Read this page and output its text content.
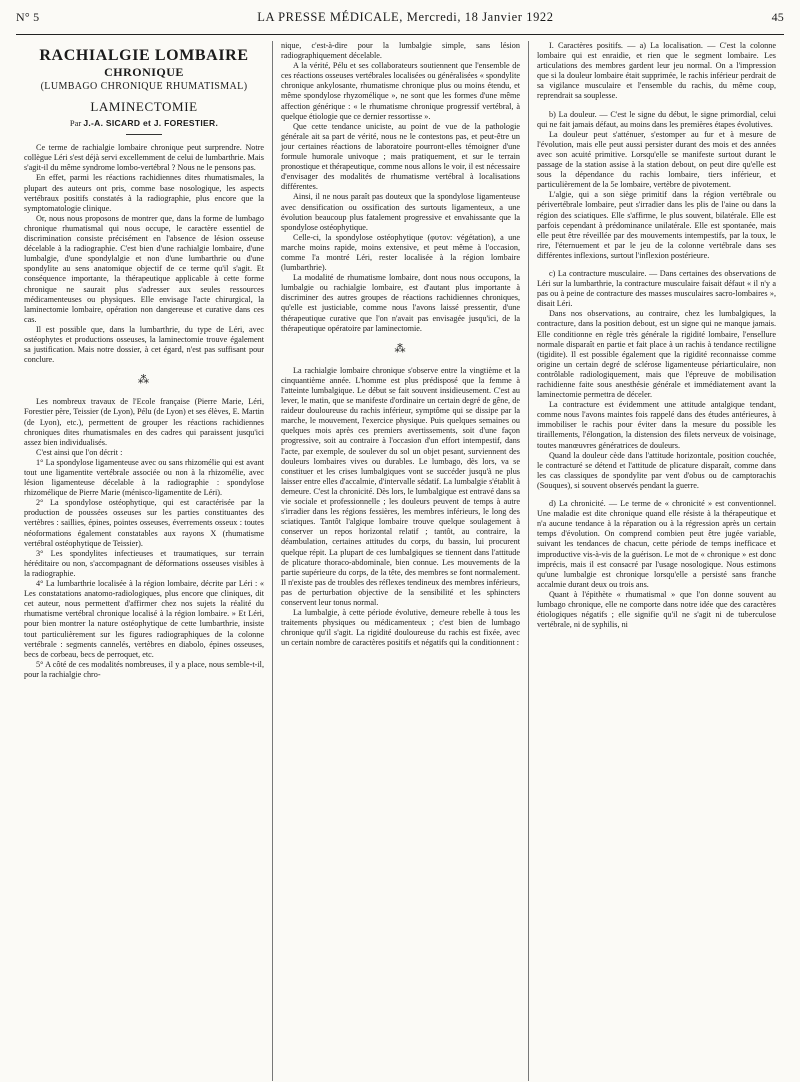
N° 5	LA PRESSE MÉDICALE, Mercredi, 18 Janvier 1922	45
RACHIALGIE LOMBAIRE
CHRONIQUE
(LUMBAGO CHRONIQUE RHUMATISMAL)
LAMINECTOMIE
Par J.-A. SICARD et J. FORESTIER.

Ce terme de rachialgie lombaire chronique peut surprendre. Notre collègue Léri s'est déjà servi excellemment de celui de lumbarthrie. Mais s'agit-il du même syndrome lombo-vertébral ? Nous ne le pensons pas.

En effet, parmi les réactions rachidiennes dites rhumatismales, la plupart des auteurs ont pris, comme base nosologique, les aspects vertébraux positifs constatés à la radiographie, plus encore que la symptomatologie clinique.

Or, nous nous proposons de montrer que, dans la forme de lumbago chronique rhumatismal qui nous occupe, le caractère essentiel de discrimination consiste précisément en l'absence de lésion osseuse décelable à la radiographie. C'est bien d'une rachialgie lombaire, d'une lumbalgie, d'une spondylalgie et non d'une lumbarthrie ou d'une spondylite au sens anatomique objectif de ce terme qu'il s'agit. Et conséquence importante, la thérapeutique applicable à cette forme chronique ne saurait plus s'adresser aux seules ressources médicamenteuses ou physiques. Elle envisage l'acte chirurgical, la laminectomie lombaire, opération non dangereuse et curative dans ces cas.

Il est possible que, dans la lumbarthrie, du type de Léri, avec ostéophytes et productions osseuses, la laminectomie trouve également sa justification. Mais notre dossier, à cet égard, n'est pas suffisant pour conclure.

⁂

Les nombreux travaux de l'Ecole française (Pierre Marie, Léri, Forestier père, Teissier (de Lyon), Pélu (de Lyon) et ses élèves, E. Martin (de Lyon), etc.), permettent de grouper les réactions rachidiennes chroniques dites rhumatismales en des cadres qui paraissent jusqu'ici assez bien individualisés.

C'est ainsi que l'on décrit :

1° La spondylose ligamenteuse avec ou sans rhizomélie qui est avant tout une ligamentite vertébrale associée ou non à la rhizomélie, avec lésion ligamenteuse décelable à la radiographie : spondylose rhizomélique de Pierre Marie (ménisco-ligamentite de Léri).

2° La spondylose ostéophytique, qui est caractérisée par la production de poussées osseuses sur les parties constituantes des vertèbres : saillies, épines, pointes osseuses, éverrements osseux : toutes néoformations également constatables aux rayons X (rhumatisme vertébral ostéophytique de Teissier).

3° Les spondylites infectieuses et traumatiques, sur terrain héréditaire ou non, s'accompagnant de déformations osseuses visibles à la radiographie.

4° La lumbarthrie localisée à la région lombaire, décrite par Léri : « Les constatations anatomo-radiologiques, plus encore que cliniques, dit cet auteur, nous permettent d'affirmer chez nos sujets la réalité du rhumatisme vertébral chronique localisé à la région lombaire. » Et Léri, pour bien montrer la nature ostéophytique de cette lumbarthrie, insiste tout particulièrement sur les figures radiographiques de la colonne vertébrale : segments cannelés, vertèbres en diabolo, épines osseuses, becs de corbeau, becs de perroquet, etc.

5° A côté de ces modalités nombreuses, il y a place, nous semble-t-il, pour la rachialgie chro-

nique, c'est-à-dire pour la lumbalgie simple, sans lésion radiographiquement décelable.

A la vérité, Pélu et ses collaborateurs soutiennent que l'ensemble de ces réactions osseuses vertébrales localisées ou généralisées « spondylite chronique ankylosante, rhumatisme chronique plus ou moins étendu, et même spondylose rhyzomélique », ne sont que les formes d'une même affection générique : « le rhumatisme chronique progressif vertébral, à quelque étiologie que ce dernier ressortisse ».

Que cette tendance uniciste, au point de vue de la pathologie générale ait sa part de vérité, nous ne le contestons pas, et peut-être un jour certaines réactions de laboratoire pourront-elles témoigner d'une formule humorale univoque ; mais pratiquement, et sur le terrain pronostique et thérapeutique, comme nous allons le voir, il est nécessaire d'envisager des modalités de rhumatisme vertébral à localisations différentes.

Ainsi, il ne nous paraît pas douteux que la spondylose ligamenteuse avec densification ou ossification des surtouts ligamenteux, a une évolution beaucoup plus fatalement progressive et envahissante que la spondylose ostéophytique.

Celle-ci, la spondylose ostéophytique (φυτον: végétation), a une marche moins rapide, moins extensive, et peut même à l'occasion, comme l'a montré Léri, rester localisée à la région lombaire (lumbarthrie).

La modalité de rhumatisme lombaire, dont nous nous occupons, la lumbalgie ou rachialgie lombaire, est d'autant plus importante à discriminer des autres groupes de réactions rachidiennes chroniques, qu'elle est justiciable, comme nous l'avons laissé pressentir, d'une thérapeutique curative que l'on n'avait pas envisagée jusqu'ici, de la thérapeutique opératoire par laminectomie.

⁂

La rachialgie lombaire chronique s'observe entre la vingtième et la cinquantième année. L'homme est plus prédisposé que la femme à l'atteinte lumbalgique. Le début se fait souvent insidieusement. C'est au lever, le matin, que se manifeste d'ordinaire un certain degré de gêne, de raideur douloureuse du rachis inférieur, symptôme qui se dissipe par la marche, le mouvement, l'exercice physique. Puis quelques semaines ou quelques mois après ces premiers avertissements, soit d'une façon progressive, soit au contraire à l'occasion d'un effort intempestif, dans l'acte, par exemple, de soulever du sol un objet pesant, surviennent des douleurs lombaires vives ou durables. Le lumbago, dès lors, va se constituer et les crises lumbalgiques vont se succéder jusqu'à ne plus laisser entre elles d'accalmie, d'intervalle sédatif. La lumbalgie s'établit à demeure. C'est la chronicité. Dès lors, le lumbalgique est entravé dans sa vie sociale et professionnelle ; les douleurs peuvent de temps à autre s'irradier dans les régions fessières, les membres inférieurs, le long des sciatiques. Tantôt l'algique lombaire trouve quelque soulagement à conserver un repos horizontal relatif ; tantôt, au contraire, la déambulation, certaines attitudes du corps, du bassin, lui procurent quelque répit. La plupart de ces lumbalgiques se tiennent dans l'attitude de plicature thoraco-abdominale, bien connue. Les mouvements de la partie supérieure du corps, de la tête, des membres se font normalement. Il n'existe pas de troubles des réflexes tendineux des membres inférieurs, pas de perturbation objective de la sensibilité et les sphincters conservent leur tonus normal.

La lumbalgie, à cette période évolutive, demeure rebelle à tous les traitements physiques ou médicamenteux ; c'est bien de lumbago chronique qu'il s'agit. La rigidité douloureuse du rachis est fixée, avec un certain nombre de caractères positifs et négatifs qui la conditionnent :

I. Caractères positifs. — a) La localisation. — C'est la colonne lombaire qui est enraidie, et rien que le segment lombaire. Les articulations des membres gardent leur jeu normal. On a l'impression que si la douleur lombaire était supprimée, le rachis inférieur perdrait de sa vigilance musculaire et l'ensemble du rachis, du même coup, reprendrait sa souplesse.

b) La douleur. — C'est le signe du début, le signe primordial, celui qui ne fait jamais défaut, au moins dans les premières étapes évolutives.

La douleur peut s'atténuer, s'estomper au fur et à mesure de l'évolution, mais elle peut aussi persister durant des mois et des années avec son acuité primitive. Lorsqu'elle se manifeste surtout durant le passage de la station assise à la station debout, on peut dire qu'elle est sous la dépendance du rachis lombaire, tiers inférieur, et particulièrement de la 5e lombaire, vertèbre de pivotement.

L'algie, qui a son siège primitif dans la région vertébrale ou périvertébrale lombaire, peut s'irradier dans les plis de l'aine ou dans la région des sciatiques. Elle s'affirme, le plus souvent, bilatérale. Elle est parfois cependant à prédominance unilatérale. Elle est spontanée, mais elle peut être réveillée par des mouvements intempestifs, par la toux, le rire, l'éternuement et par le jeu de la colonne vertébrale dans ses différentes inflexions, surtout l'inflexion postérieure.

c) La contracture musculaire. — Dans certaines des observations de Léri sur la lumbarthrie, la contracture musculaire faisait défaut « il n'y a pas ou à peine de contracture des masses musculaires sacro-lombaires », disait Léri.

Dans nos observations, au contraire, chez les lumbalgiques, la contracture, dans la position debout, est un signe qui ne manque jamais. Elle conditionne en règle très générale la rigidité lombaire, l'ensellure normale disparaît en partie et fait place à un rachis à tendance rectiligne (tigidite). Il est possible également que la rigidité reconnaisse comme origine un certain degré de sclérose ligamenteuse périarticulaire, non contrôlable radiologiquement, mais que l'épreuve de mobilisation rachidienne faite sous anesthésie générale et immédiatement avant la laminectomie permettra de déceler.

La contracture est évidemment une attitude antalgique tendant, comme nous l'avons maintes fois rappelé dans des études antérieures, à immobiliser le rachis pour éviter dans la mesure du possible les tiraillements, l'élongation, la distension des filets nerveux de voisinage, toutes manœuvres génératrices de douleurs.

Quand la douleur cède dans l'attitude horizontale, position couchée, le contracturé se détend et l'attitude de plicature disparaît, comme dans les cas classiques de spondylite par vent d'obus ou de camptorachis (Souques), si souvent observés pendant la guerre.

d) La chronicité. — Le terme de « chronicité » est conventionnel. Une maladie est dite chronique quand elle résiste à la thérapeutique et n'a aucune tendance à la réparation ou à la régression après un certain temps d'évolution. On comprend combien peut être jugée variable, suivant les tendances de chacun, cette période de temps inefficace et improductive vis-à-vis de la guérison. Le mot de « chronique » est donc imprécis, mais il est consacré par l'usage nosologique. Nous estimons qu'une lumbalgie est chronique lorsqu'elle a persisté sans franche accalmie durant deux ou trois ans.

Quant à l'épithète « rhumatismal » que l'on donne souvent au lumbago chronique, elle ne comporte dans notre idée que des caractères étiologiques négatifs ; elle signifie qu'il ne s'agit ni de tuberculose vertébrale, ni de syphilis, ni
